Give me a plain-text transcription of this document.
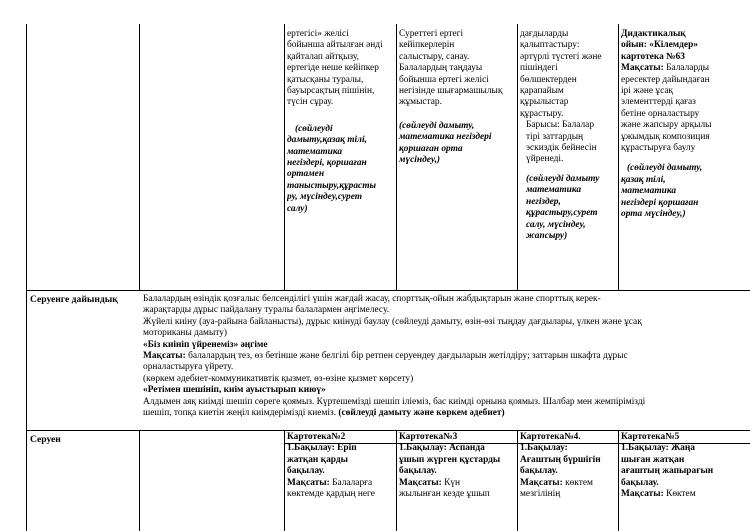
ертегісі» желісі
бойынша айтылған әнді
қайталап айтқызу,
ертегіде неше кейіпкер
қатысқаны туралы,
бауырсақтың пішінін,
түсін сұрау.
(сөйлеуді
дамыту,қазақ тілі,
математика
негіздері, қоршаған
ортамен
таныстыру,құрасты
ру, мүсіндеу,сурет
салу)
Суреттегі ертегі
кейіпкерлерін
салыстыру, санау.
Балалардың таңдауы
бойынша ертегі желісі
негізінде шығармашылық
жұмыстар.
(сөйлеуді дамыту,
математика негіздері
қоршаған орта
мүсіндеу,)
дағдыларды
қалыптастыру:
әртүрлі түстегі және
пішіндегі
бөлшектерден
қарапайым
құрылыстар
құрастыру.
Барысы: Балалар
тірі заттардың
эскиздік бейнесін
үйренеді.
(сөйлеуді дамыту
математика
негіздер,
құрастыру,сурет
салу, мүсіндеу,
жапсыру)
Дидактикалық
ойын: «Кілемдер»
картотека №63
Мақсаты: Балаларды
ересектер дайындаған
ірі және ұсақ
элементтерді қағаз
бетіне орналастыру
және жапсыру арқылы
ұжымдық композиция
құрастыруға баулу
(сөйлеуді дамыту,
қазақ тілі,
математика
негіздері қоршаған
орта мүсіндеу,)
Серуенге дайындық	Балалардың өзіндік қозғалыс белсенділігі үшін жағдай жасау, спорттық-ойын жабдықтарын және спорттық керек-
жарақтарды дұрыс пайдалану туралы балалармен әңгімелесу.
Жүйелі киіну (ауа-райына байланысты), дұрыс киінуді баулау (сөйлеуді дамыту, өзін-өзі тыңдау дағдылары, үлкен және ұсақ
моториканы дамыту)
«Біз киініп үйренеміз» әңгіме
Мақсаты: балалардың тез, өз бетінше және белгілі бір ретпен серуендеу дағдыларын жетілдіру; заттарын шкафта дұрыс
орналастыруға үйрету.
(көркем әдебиет-коммуникативтік қызмет, өз-өзіне қызмет көрсету)
«Ретімен шешініп, киім ауыстырып киюү»
Алдымен аяқ киімді шешіп сөреге қоямыз. Күртешемізді шешіп іліеміз, бас киімді орнына қоямыз. Шалбар мен жемпірімізді
шешіп, топқа киетін жеңіл киімдерімізді киеміз. (сөйлеуді дамыту және көркем әдебиет)
Серуен	Картотека№2
1.Бақылау: Еріп
жатқан қарды
бақылау.
Мақсаты: Балаларға
көктемде қардың неге
Картотека№3
1.Бақылау: Аспанда
ұшып жүрген құстарды
бақылау.
Мақсаты: Күн
жылынған кезде ұшып
Картотека№4.
1.Бақылау:
Ағаштың бүршігін
бақылау.
Мақсаты: көктем
мезгілінің
Картотека№5
1.Бақылау: Жаңа
шыған жатқан
ағаштың жапырағын
бақылау.
Мақсаты: Көктем
